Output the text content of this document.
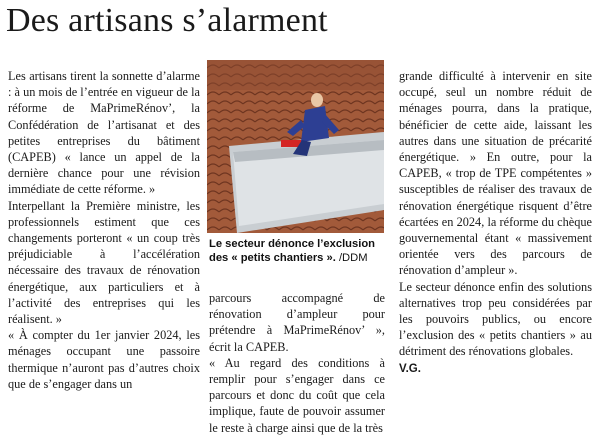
Des artisans s’alarment

Les artisans tirent la sonnette d’alarme : à un mois de l’entrée en vigueur de la réforme de MaPrimeRénov’, la Confédération de l’artisanat et des petites entreprises du bâtiment (CAPEB) « lance un appel de la dernière chance pour une révision immédiate de cette réforme. »

Interpellant la Première ministre, les professionnels estiment que ces changements porteront « un coup très préjudiciable à l’accélération nécessaire des travaux de rénovation énergétique, aux particuliers et à l’activité des entreprises qui les réalisent. »

« À compter du 1er janvier 2024, les ménages occupant une passoire thermique n’auront pas d’autres choix que de s’engager dans un

Le secteur dénonce l’exclusion des « petits chantiers ». /DDM

parcours accompagné de rénovation d’ampleur pour prétendre à MaPrimeRénov’ », écrit la CAPEB.

« Au regard des conditions à remplir pour s’engager dans ce parcours et donc du coût que cela implique, faute de pouvoir assumer le reste à charge ainsi que de la très

grande difficulté à intervenir en site occupé, seul un nombre réduit de ménages pourra, dans la pratique, bénéficier de cette aide, laissant les autres dans une situation de précarité énergétique. » En outre, pour la CAPEB, « trop de TPE compétentes » susceptibles de réaliser des travaux de rénovation énergétique risquent d’être écartées en 2024, la réforme du chèque gouvernemental étant « massivement orientée vers des parcours de rénovation d’ampleur ».

Le secteur dénonce enfin des solutions alternatives trop peu considérées par les pouvoirs publics, ou encore l’exclusion des « petits chantiers » au détriment des rénovations globales.

V.G.
